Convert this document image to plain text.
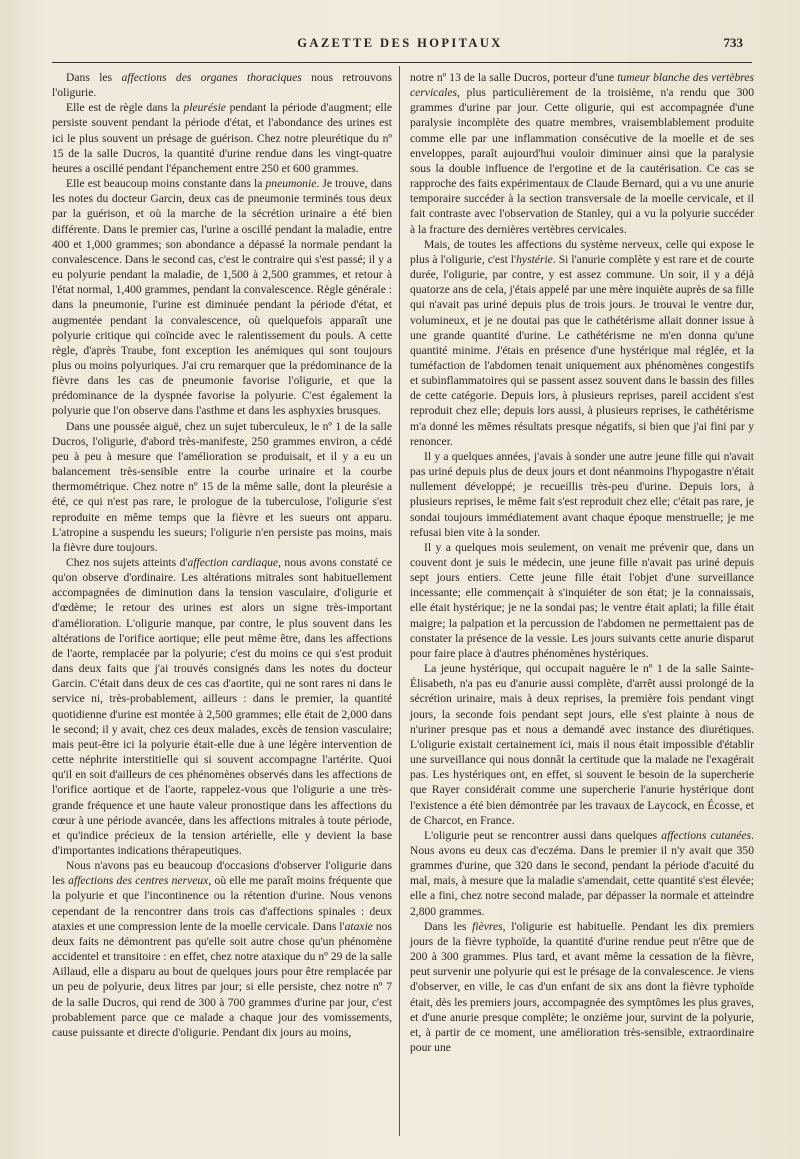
GAZETTE DES HOPITAUX	733

Dans les affections des organes thoraciques nous retrouvons l'oligurie.

Elle est de règle dans la pleurésie pendant la période d'augment; elle persiste souvent pendant la période d'état, et l'abondance des urines est ici le plus souvent un présage de guérison. Chez notre pleurétique du nº 15 de la salle Ducros, la quantité d'urine rendue dans les vingt-quatre heures a oscillé pendant l'épanchement entre 250 et 600 grammes.

Elle est beaucoup moins constante dans la pneumonie. Je trouve, dans les notes du docteur Garcin, deux cas de pneumonie terminés tous deux par la guérison, et où la marche de la sécrétion urinaire a été bien différente. Dans le premier cas, l'urine a oscillé pendant la maladie, entre 400 et 1,000 grammes; son abondance a dépassé la normale pendant la convalescence. Dans le second cas, c'est le contraire qui s'est passé; il y a eu polyurie pendant la maladie, de 1,500 à 2,500 grammes, et retour à l'état normal, 1,400 grammes, pendant la convalescence. Règle générale : dans la pneumonie, l'urine est diminuée pendant la période d'état, et augmentée pendant la convalescence, où quelquefois apparaît une polyurie critique qui coïncide avec le ralentissement du pouls. A cette règle, d'après Traube, font exception les anémiques qui sont toujours plus ou moins polyuriques. J'ai cru remarquer que la prédominance de la fièvre dans les cas de pneumonie favorise l'oligurie, et que la prédominance de la dyspnée favorise la polyurie. C'est également la polyurie que l'on observe dans l'asthme et dans les asphyxies brusques.

Dans une poussée aiguë, chez un sujet tuberculeux, le nº 1 de la salle Ducros, l'oligurie, d'abord très-manifeste, 250 grammes environ, a cédé peu à peu à mesure que l'amélioration se produisait, et il y a eu un balancement très-sensible entre la courbe urinaire et la courbe thermométrique. Chez notre nº 15 de la même salle, dont la pleurésie a été, ce qui n'est pas rare, le prologue de la tuberculose, l'oligurie s'est reproduite en même temps que la fièvre et les sueurs ont apparu. L'atropine a suspendu les sueurs; l'oligurie n'en persiste pas moins, mais la fièvre dure toujours.

Chez nos sujets atteints d'affection cardiaque, nous avons constaté ce qu'on observe d'ordinaire. Les altérations mitrales sont habituellement accompagnées de diminution dans la tension vasculaire, d'oligurie et d'œdème; le retour des urines est alors un signe très-important d'amélioration. L'oligurie manque, par contre, le plus souvent dans les altérations de l'orifice aortique; elle peut même être, dans les affections de l'aorte, remplacée par la polyurie; c'est du moins ce qui s'est produit dans deux faits que j'ai trouvés consignés dans les notes du docteur Garcin. C'était dans deux de ces cas d'aortite, qui ne sont rares ni dans le service ni, très-probablement, ailleurs : dans le premier, la quantité quotidienne d'urine est montée à 2,500 grammes; elle était de 2,000 dans le second; il y avait, chez ces deux malades, excès de tension vasculaire; mais peut-être ici la polyurie était-elle due à une légère intervention de cette néphrite interstitielle qui si souvent accompagne l'artérite. Quoi qu'il en soit d'ailleurs de ces phénomènes observés dans les affections de l'orifice aortique et de l'aorte, rappelez-vous que l'oligurie a une très-grande fréquence et une haute valeur pronostique dans les affections du cœur à une période avancée, dans les affections mitrales à toute période, et qu'indice précieux de la tension artérielle, elle y devient la base d'importantes indications thérapeutiques.

Nous n'avons pas eu beaucoup d'occasions d'observer l'oligurie dans les affections des centres nerveux, où elle me paraît moins fréquente que la polyurie et que l'incontinence ou la rétention d'urine. Nous venons cependant de la rencontrer dans trois cas d'affections spinales : deux ataxies et une compression lente de la moelle cervicale. Dans l'ataxie nos deux faits ne démontrent pas qu'elle soit autre chose qu'un phénomène accidentel et transitoire : en effet, chez notre ataxique du nº 29 de la salle Aillaud, elle a disparu au bout de quelques jours pour être remplacée par un peu de polyurie, deux litres par jour; si elle persiste, chez notre nº 7 de la salle Ducros, qui rend de 300 à 700 grammes d'urine par jour, c'est probablement parce que ce malade a chaque jour des vomissements, cause puissante et directe d'oligurie. Pendant dix jours au moins,

notre nº 13 de la salle Ducros, porteur d'une tumeur blanche des vertèbres cervicales, plus particulièrement de la troisième, n'a rendu que 300 grammes d'urine par jour. Cette oligurie, qui est accompagnée d'une paralysie incomplète des quatre membres, vraisemblablement produite comme elle par une inflammation consécutive de la moelle et de ses enveloppes, paraît aujourd'hui vouloir diminuer ainsi que la paralysie sous la double influence de l'ergotine et de la cautérisation. Ce cas se rapproche des faits expérimentaux de Claude Bernard, qui a vu une anurie temporaire succéder à la section transversale de la moelle cervicale, et il fait contraste avec l'observation de Stanley, qui a vu la polyurie succéder à la fracture des dernières vertèbres cervicales.

Mais, de toutes les affections du système nerveux, celle qui expose le plus à l'oligurie, c'est l'hystérie. Si l'anurie complète y est rare et de courte durée, l'oligurie, par contre, y est assez commune. Un soir, il y a déjà quatorze ans de cela, j'étais appelé par une mère inquiète auprès de sa fille qui n'avait pas uriné depuis plus de trois jours. Je trouvai le ventre dur, volumineux, et je ne doutai pas que le cathétérisme allait donner issue à une grande quantité d'urine. Le cathétérisme ne m'en donna qu'une quantité minime. J'étais en présence d'une hystérique mal réglée, et la tuméfaction de l'abdomen tenait uniquement aux phénomènes congestifs et subinflammatoires qui se passent assez souvent dans le bassin des filles de cette catégorie. Depuis lors, à plusieurs reprises, pareil accident s'est reproduit chez elle; depuis lors aussi, à plusieurs reprises, le cathétérisme m'a donné les mêmes résultats presque négatifs, si bien que j'ai fini par y renoncer.

Il y a quelques années, j'avais à sonder une autre jeune fille qui n'avait pas uriné depuis plus de deux jours et dont néanmoins l'hypogastre n'était nullement développé; je recueillis très-peu d'urine. Depuis lors, à plusieurs reprises, le même fait s'est reproduit chez elle; c'était pas rare, je sondai toujours immédiatement avant chaque époque menstruelle; je me refusai bien vite à la sonder.

Il y a quelques mois seulement, on venait me prévenir que, dans un couvent dont je suis le médecin, une jeune fille n'avait pas uriné depuis sept jours entiers. Cette jeune fille était l'objet d'une surveillance incessante; elle commençait à s'inquiéter de son état; je la connaissais, elle était hystérique; je ne la sondai pas; le ventre était aplati; la fille était maigre; la palpation et la percussion de l'abdomen ne permettaient pas de constater la présence de la vessie. Les jours suivants cette anurie disparut pour faire place à d'autres phénomènes hystériques.

La jeune hystérique, qui occupait naguère le nº 1 de la salle Sainte-Élisabeth, n'a pas eu d'anurie aussi complète, d'arrêt aussi prolongé de la sécrétion urinaire, mais à deux reprises, la première fois pendant vingt jours, la seconde fois pendant sept jours, elle s'est plainte à nous de n'uriner presque pas et nous a demandé avec instance des diurétiques. L'oligurie existait certainement ici, mais il nous était impossible d'établir une surveillance qui nous donnât la certitude que la malade ne l'exagérait pas. Les hystériques ont, en effet, si souvent le besoin de la supercherie que Rayer considérait comme une supercherie l'anurie hystérique dont l'existence a été bien démontrée par les travaux de Laycock, en Écosse, et de Charcot, en France.

L'oligurie peut se rencontrer aussi dans quelques affections cutanées. Nous avons eu deux cas d'eczéma. Dans le premier il n'y avait que 350 grammes d'urine, que 320 dans le second, pendant la période d'acuité du mal, mais, à mesure que la maladie s'amendait, cette quantité s'est élevée; elle a fini, chez notre second malade, par dépasser la normale et atteindre 2,800 grammes.

Dans les fièvres, l'oligurie est habituelle. Pendant les dix premiers jours de la fièvre typhoïde, la quantité d'urine rendue peut n'être que de 200 à 300 grammes. Plus tard, et avant même la cessation de la fièvre, peut survenir une polyurie qui est le présage de la convalescence. Je viens d'observer, en ville, le cas d'un enfant de six ans dont la fièvre typhoïde était, dès les premiers jours, accompagnée des symptômes les plus graves, et d'une anurie presque complète; le onzième jour, survint de la polyurie, et, à partir de ce moment, une amélioration très-sensible, extraordinaire pour une
